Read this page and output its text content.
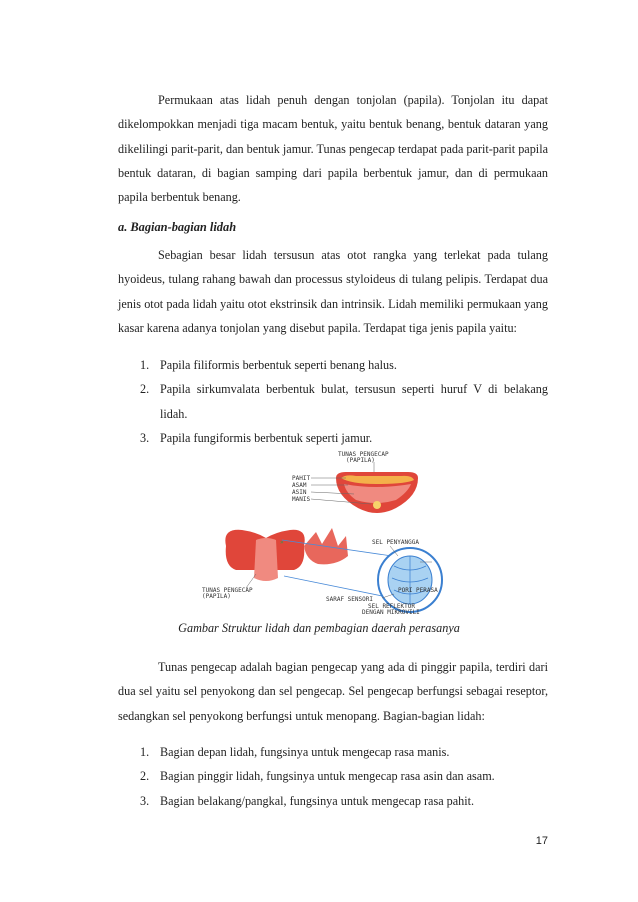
Permukaan atas lidah penuh dengan tonjolan (papila). Tonjolan itu dapat dikelompokkan menjadi tiga macam bentuk, yaitu bentuk benang, bentuk dataran yang dikelilingi parit-parit, dan bentuk jamur. Tunas pengecap terdapat pada parit-parit papila bentuk dataran, di bagian samping dari papila berbentuk jamur, dan di permukaan papila berbentuk benang.
a. Bagian-bagian lidah
Sebagian besar lidah tersusun atas otot rangka yang terlekat pada tulang hyoideus, tulang rahang bawah dan processus styloideus di tulang pelipis. Terdapat dua jenis otot pada lidah yaitu otot ekstrinsik dan intrinsik. Lidah memiliki permukaan yang kasar karena adanya tonjolan yang disebut papila. Terdapat tiga jenis papila yaitu:
1. Papila filiformis berbentuk seperti benang halus.
2. Papila sirkumvalata berbentuk bulat, tersusun seperti huruf V di belakang lidah.
3. Papila fungiformis berbentuk seperti jamur.
TUNAS PENGECAP
(PAPILA)
PAHIT
ASAM
ASIN
MANIS
»
TUNAS PENGECAP
(PAPILA)
SEL PENYANGGA
PORI PERASA
SARAF SENSORI
SEL REFLEKTOR
DENGAN MIKROVILI
Gambar Struktur lidah dan pembagian daerah perasanya
Tunas pengecap adalah bagian pengecap yang ada di pinggir papila, terdiri dari dua sel yaitu sel penyokong dan sel pengecap. Sel pengecap berfungsi sebagai reseptor, sedangkan sel penyokong berfungsi untuk menopang. Bagian-bagian lidah:
1. Bagian depan lidah, fungsinya untuk mengecap rasa manis.
2. Bagian pinggir lidah, fungsinya untuk mengecap rasa asin dan asam.
3. Bagian belakang/pangkal, fungsinya untuk mengecap rasa pahit.
17
